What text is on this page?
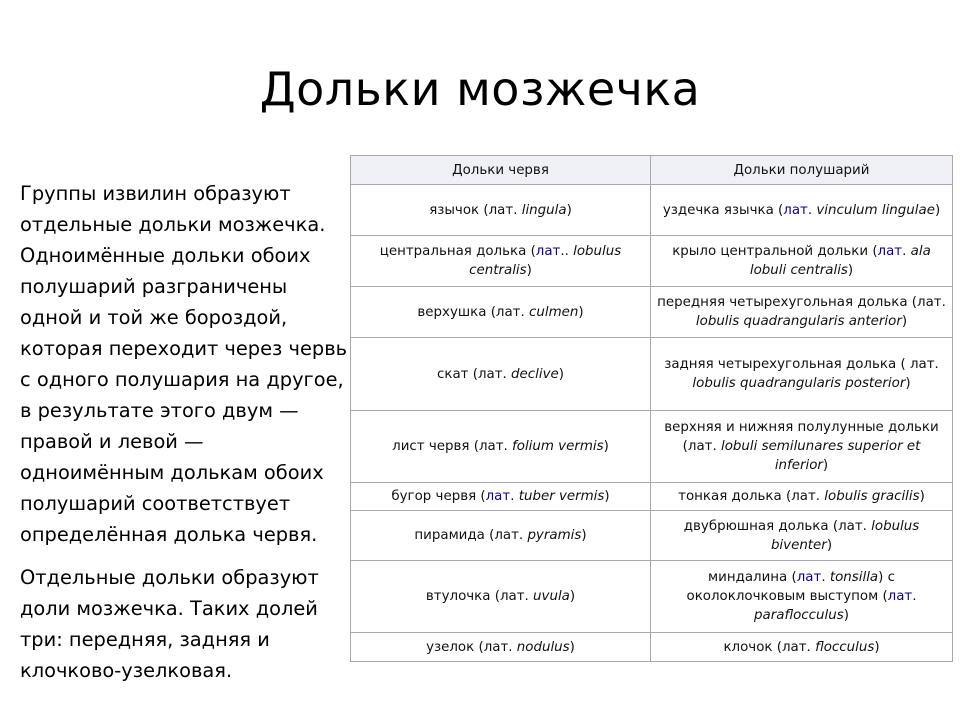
Дольки мозжечка

Группы извилин образуют отдельные дольки мозжечка. Одноимённые дольки обоих полушарий разграничены одной и той же бороздой, которая переходит через червь с одного полушария на другое, в результате этого двум — правой и левой — одноимённым долькам обоих полушарий соответствует определённая долька червя.

Отдельные дольки образуют доли мозжечка. Таких долей три: передняя, задняя и клочково-узелковая.

Дольки червя	Дольки полушарий
язычок (лат. lingula)	уздечка язычка (лат. vinculum lingulae)
центральная долька (лат.. lobulus centralis)	крыло центральной дольки (лат. ala lobuli centralis)
верхушка (лат. culmen)	передняя четырехугольная долька (лат. lobulis quadrangularis anterior)
скат (лат. declive)	задняя четырехугольная долька ( лат. lobulis quadrangularis posterior)
лист червя (лат. folium vermis)	верхняя и нижняя полулунные дольки (лат. lobuli semilunares superior et inferior)
бугор червя (лат. tuber vermis)	тонкая долька (лат. lobulis gracilis)
пирамида (лат. pyramis)	двубрюшная долька (лат. lobulus biventer)
втулочка (лат. uvula)	миндалина (лат. tonsilla) с околоклочковым выступом (лат. paraflocculus)
узелок (лат. nodulus)	клочок (лат. flocculus)
